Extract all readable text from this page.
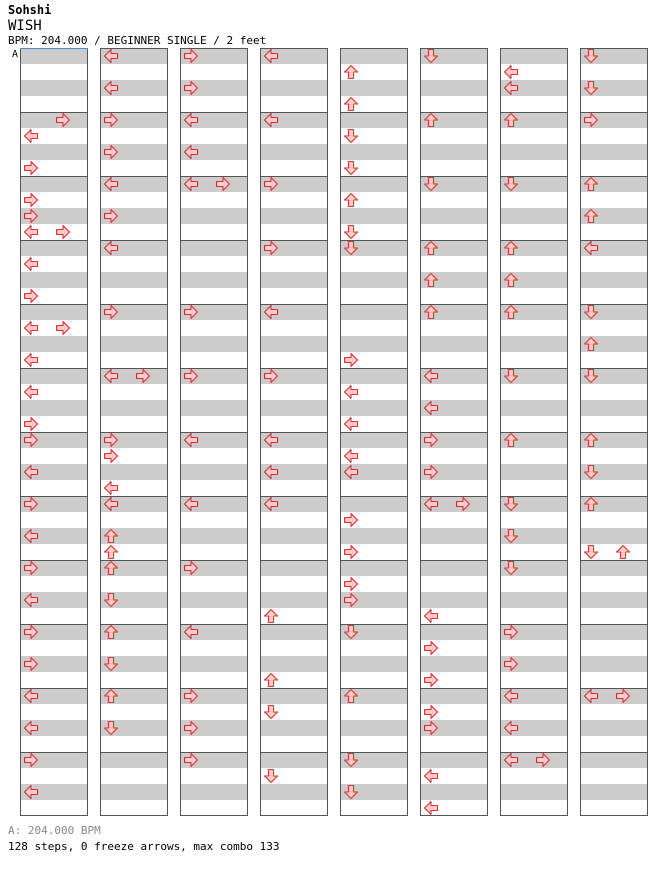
Sohshi
WISH
BPM: 204.000 / BEGINNER SINGLE / 2 feet
A
A: 204.000 BPM
128 steps, 0 freeze arrows, max combo 133
